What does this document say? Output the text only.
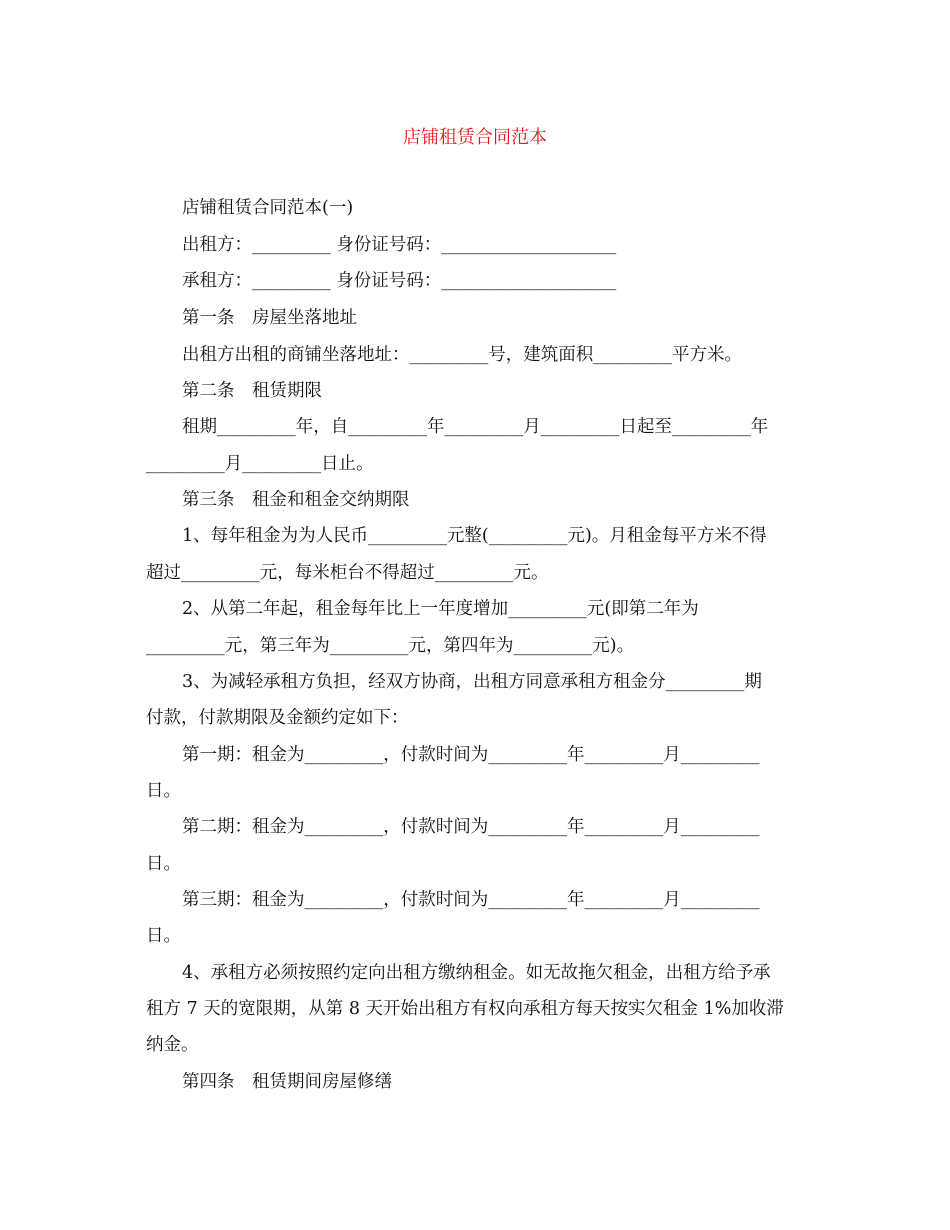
店铺租赁合同范本
店铺租赁合同范本(一)
出租方：_________ 身份证号码：____________________
承租方：_________ 身份证号码：____________________
第一条　房屋坐落地址
出租方出租的商铺坐落地址：_________号，建筑面积_________平方米。
第二条　租赁期限
租期_________年，自_________年_________月_________日起至_________年
_________月_________日止。
第三条　租金和租金交纳期限
1、每年租金为为人民币_________元整(_________元)。月租金每平方米不得
超过_________元，每米柜台不得超过_________元。
2、从第二年起，租金每年比上一年度增加_________元(即第二年为
_________元，第三年为_________元，第四年为_________元)。
3、为减轻承租方负担，经双方协商，出租方同意承租方租金分_________期
付款，付款期限及金额约定如下：
第一期：租金为_________，付款时间为_________年_________月_________
日。
第二期：租金为_________，付款时间为_________年_________月_________
日。
第三期：租金为_________，付款时间为_________年_________月_________
日。
4、承租方必须按照约定向出租方缴纳租金。如无故拖欠租金，出租方给予承
租方 7 天的宽限期，从第 8 天开始出租方有权向承租方每天按实欠租金 1%加收滞
纳金。
第四条　租赁期间房屋修缮
